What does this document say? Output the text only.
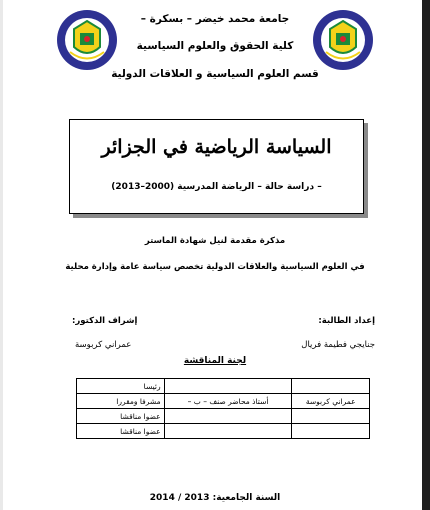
جامعة محمد خيضر – بسكرة –
كلية الحقوق والعلوم السياسية
قسم العلوم السياسية و العلاقات الدولية
السياسة الرياضية في الجزائر
– دراسة حالة – الرياضة المدرسية (2000–2013)
مذكرة مقدمة لنيل شهادة الماستر
في العلوم السياسية والعلاقات الدولية تخصص سياسة عامة وإدارة محلية
إعداد الطالبة:
إشراف الدكتور:
جنايجي فطيمة فريال
عمراني كربوسة
لجنة المناقشة
		رئيسا
عمراني كربوسة	أستاذ محاضر صنف – ب –	مشرفا ومقررا
		عضوا مناقشا
		عضوا مناقشا
السنة الجامعية: 2013 / 2014
